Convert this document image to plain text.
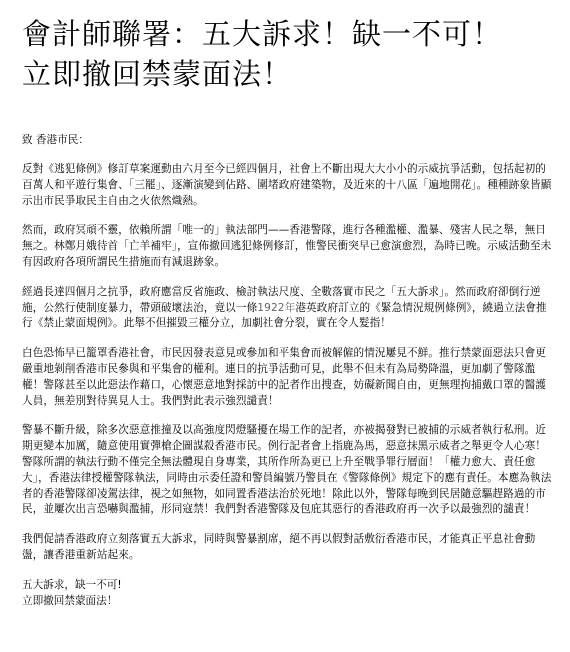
會計師聯署：五大訴求！缺一不可！
立即撤回禁蒙面法！
致 香港市民：

反對《逃犯條例》修訂草案運動由六月至今已經四個月，社會上不斷出現大大小小的示威抗爭活動，包括起初的百萬人和平遊行集會、「三罷」、逐漸演變到佔路、圍堵政府建築物，及近來的十八區「遍地開花」。種種跡象皆顯示出市民爭取民主自由之火依然熾熱。

然而，政府冥頑不靈，依賴所謂「唯一的」執法部門——香港警隊，進行各種濫權、濫暴、殘害人民之舉，無日無之。林鄭月娥待首「亡羊補牢」，宣佈撤回逃犯條例修訂，惟警民衝突早已愈演愈烈，為時已晚。示威活動至未有因政府各項所謂民生措施而有減退跡象。

經過長達四個月之抗爭，政府應當反省施政、檢討執法尺度、全數落實市民之「五大訴求」。然而政府卻倒行逆施，公然行使制度暴力，帶頭破壞法治，竟以一條1922年港英政府訂立的《緊急情況規例條例》，繞過立法會推行《禁止蒙面規例》。此舉不但摧毀三權分立，加劇社會分裂，實在令人髮指！

白色恐怖早已籠罩香港社會，市民因發表意見或參加和平集會而被解僱的情況屢見不鮮。推行禁蒙面惡法只會更嚴重地剝削香港市民參與和平集會的權利。連日的抗爭活動可見，此舉不但未有為局勢降溫，更加劇了警隊濫權！警隊甚至以此惡法作藉口，心懷惡意地對採訪中的記者作出搜查，妨礙新聞自由，更無理拘捕戴口罩的醫護人員，無差別對待異見人士。我們對此表示強烈譴責！

警暴不斷升級，除多次惡意推撞及以高強度閃燈騷擾在場工作的記者，亦被揭發對已被捕的示威者執行私刑。近期更變本加厲，隨意使用實彈槍企圖謀殺香港市民。例行記者會上指鹿為馬，惡意抹黑示威者之舉更令人心寒！警隊所謂的執法行動不僅完全無法體現自身專業，其所作所為更已上升至戰爭罪行層面！「權力愈大、責任愈大」，香港法律授權警隊執法，同時由示委任證和警員編號乃警員在《警隊條例》規定下的應有責任。本應為執法者的香港警隊卻凌駕法律，視之如無物，如同置香港法治於死地！除此以外，警隊每晚到民居隨意驅趕路過的市民，並屢次出言恐嚇與濫捕，形同寇禁！我們對香港警隊及包庇其惡行的香港政府再一次予以最強烈的譴責！

我們促請香港政府立刻落實五大訴求，同時與警暴割席，絕不再以假對話敷衍香港市民，才能真正平息社會動盪，讓香港重新站起來。

五大訴求，缺一不可!
立即撤回禁蒙面法！
